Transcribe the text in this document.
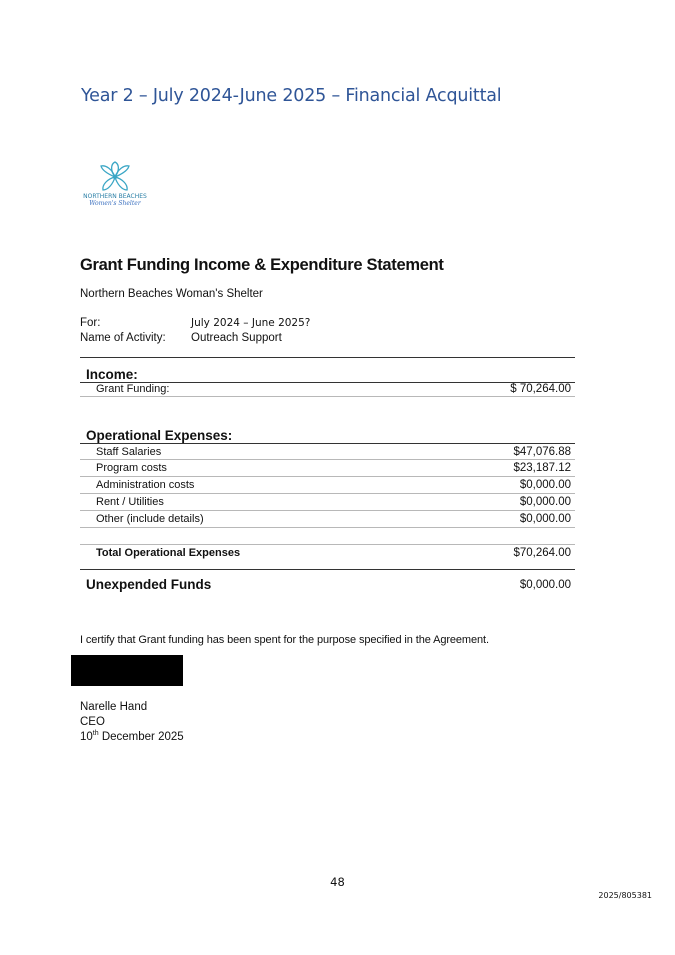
Year 2 – July 2024-June 2025 – Financial Acquittal
NORTHERN BEACHES
Women's Shelter
Grant Funding Income & Expenditure Statement
Northern Beaches Woman's Shelter
For:	July 2024 – June 2025?
Name of Activity: Outreach Support
Income:
Grant Funding:	$ 70,264.00
Operational Expenses:
Staff Salaries	$47,076.88
Program costs	$23,187.12
Administration costs	$0,000.00
Rent / Utilities	$0,000.00
Other (include details)	$0,000.00
Total Operational Expenses	$70,264.00
Unexpended Funds	$0,000.00
I certify that Grant funding has been spent for the purpose specified in the Agreement.
Narelle Hand
CEO
10th December 2025
48
2025/805381
